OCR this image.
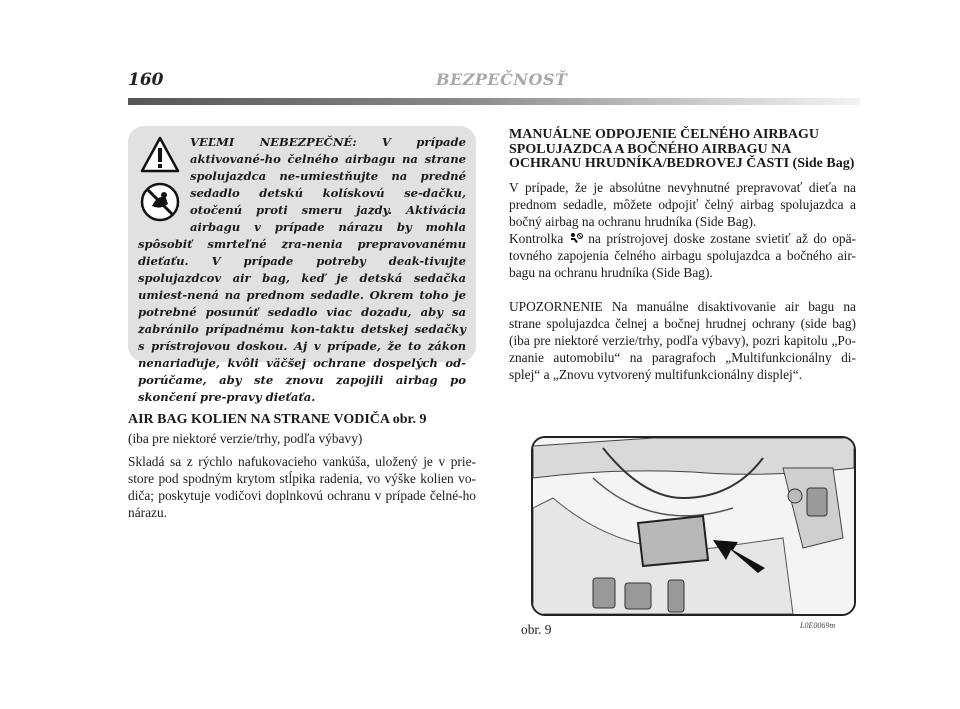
160	BEZPEČNOSŤ

VEĽMI NEBEZPEČNÉ: V prípade aktivované-ho čelného airbagu na strane spolujazdca ne-umiestňujte na predné sedadlo detskú kolískovú se-dačku, otočenú proti smeru jazdy. Aktivácia airbagu v prípade nárazu by mohla spôsobiť smrteľné zra-nenia prepravovanému dieťaťu. V prípade potreby deak-tivujte spolujazdcov air bag, keď je detská sedačka umiest-nená na prednom sedadle. Okrem toho je potrebné posunúť sedadlo viac dozadu, aby sa zabránilo prípadnému kon-taktu detskej sedačky s prístrojovou doskou. Aj v prípade, že to zákon nenariaďuje, kvôli väčšej ochrane dospelých od-porúčame, aby ste znovu zapojili airbag po skončení pre-pravy dieťaťa.

MANUÁLNE ODPOJENIE ČELNÉHO AIRBAGU SPOLUJAZDCA A BOČNÉHO AIRBAGU NA OCHRANU HRUDNÍKA/BEDROVEJ ČASTI (Side Bag)

V prípade, že je absolútne nevyhnutné prepravovať dieťa na prednom sedadle, môžete odpojiť čelný airbag spolujazdca a bočný airbag na ochranu hrudníka (Side Bag).

Kontrolka na prístrojovej doske zostane svietiť až do opä-tovného zapojenia čelného airbagu spolujazdca a bočného air-bagu na ochranu hrudníka (Side Bag).

UPOZORNENIE Na manuálne disaktivovanie air bagu na strane spolujazdca čelnej a bočnej hrudnej ochrany (side bag) (iba pre niektoré verzie/trhy, podľa výbavy), pozri kapitolu „Po-znanie automobilu“ na paragrafoch „Multifunkcionálny di-splej“ a „Znovu vytvorený multifunkcionálny displej“.

AIR BAG KOLIEN NA STRANE VODIČA obr. 9

(iba pre niektoré verzie/trhy, podľa výbavy)

Skladá sa z rýchlo nafukovacieho vankúša, uložený je v prie-store pod spodným krytom stĺpika radenia, vo výške kolien vo-diča; poskytuje vodičovi doplnkovú ochranu v prípade čelné-ho nárazu.

obr. 9	L0E0069m
